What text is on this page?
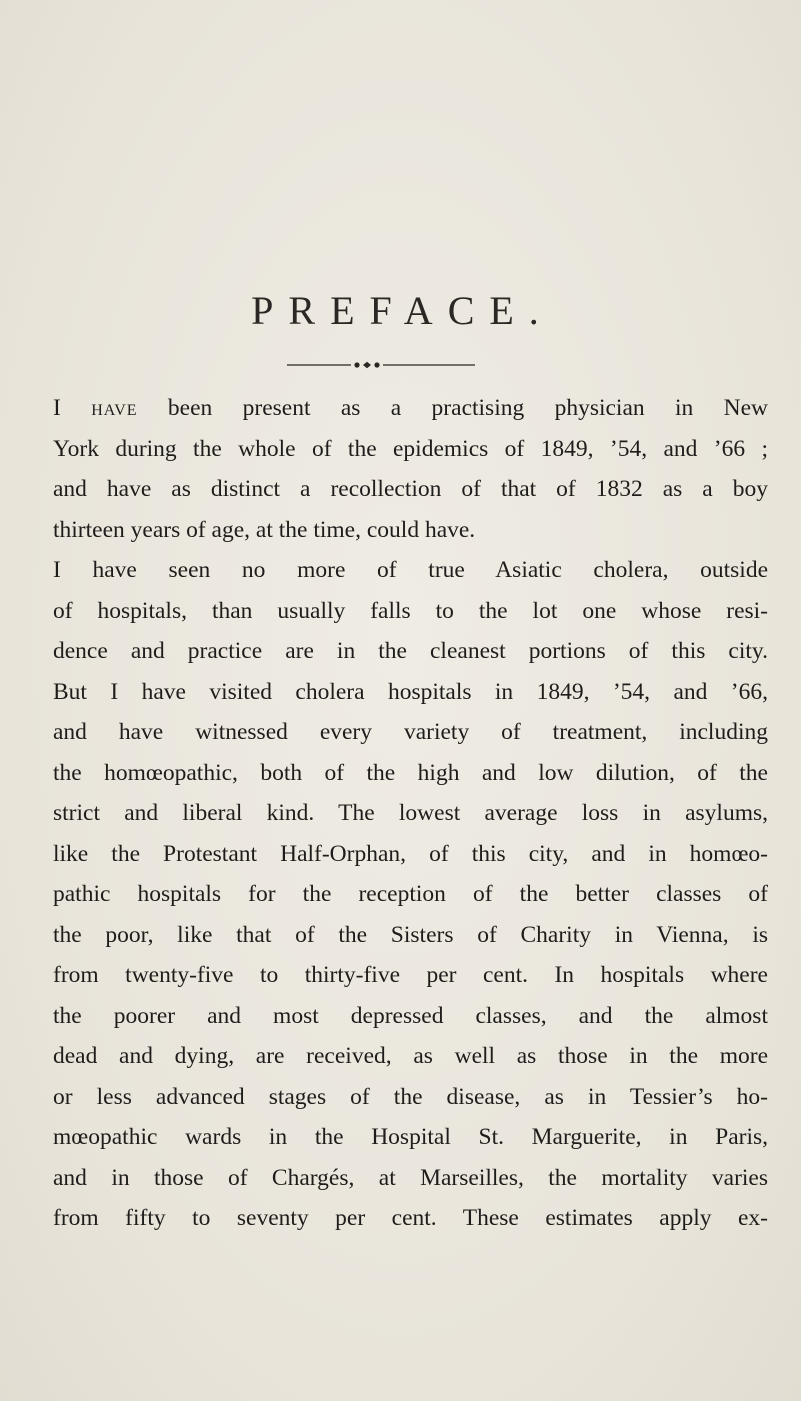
PREFACE.
I HAVE been present as a practising physician in New
York during the whole of the epidemics of 1849, ’54, and ’66 ;
and have as distinct a recollection of that of 1832 as a boy
thirteen years of age, at the time, could have.
I have seen no more of true Asiatic cholera, outside
of hospitals, than usually falls to the lot one whose resi-
dence and practice are in the cleanest portions of this city.
But I have visited cholera hospitals in 1849, ’54, and ’66,
and have witnessed every variety of treatment, including
the homœopathic, both of the high and low dilution, of the
strict and liberal kind. The lowest average loss in asylums,
like the Protestant Half-Orphan, of this city, and in homœo-
pathic hospitals for the reception of the better classes of
the poor, like that of the Sisters of Charity in Vienna, is
from twenty-five to thirty-five per cent. In hospitals where
the poorer and most depressed classes, and the almost
dead and dying, are received, as well as those in the more
or less advanced stages of the disease, as in Tessier’s ho-
mœopathic wards in the Hospital St. Marguerite, in Paris,
and in those of Chargés, at Marseilles, the mortality varies
from fifty to seventy per cent. These estimates apply ex-
